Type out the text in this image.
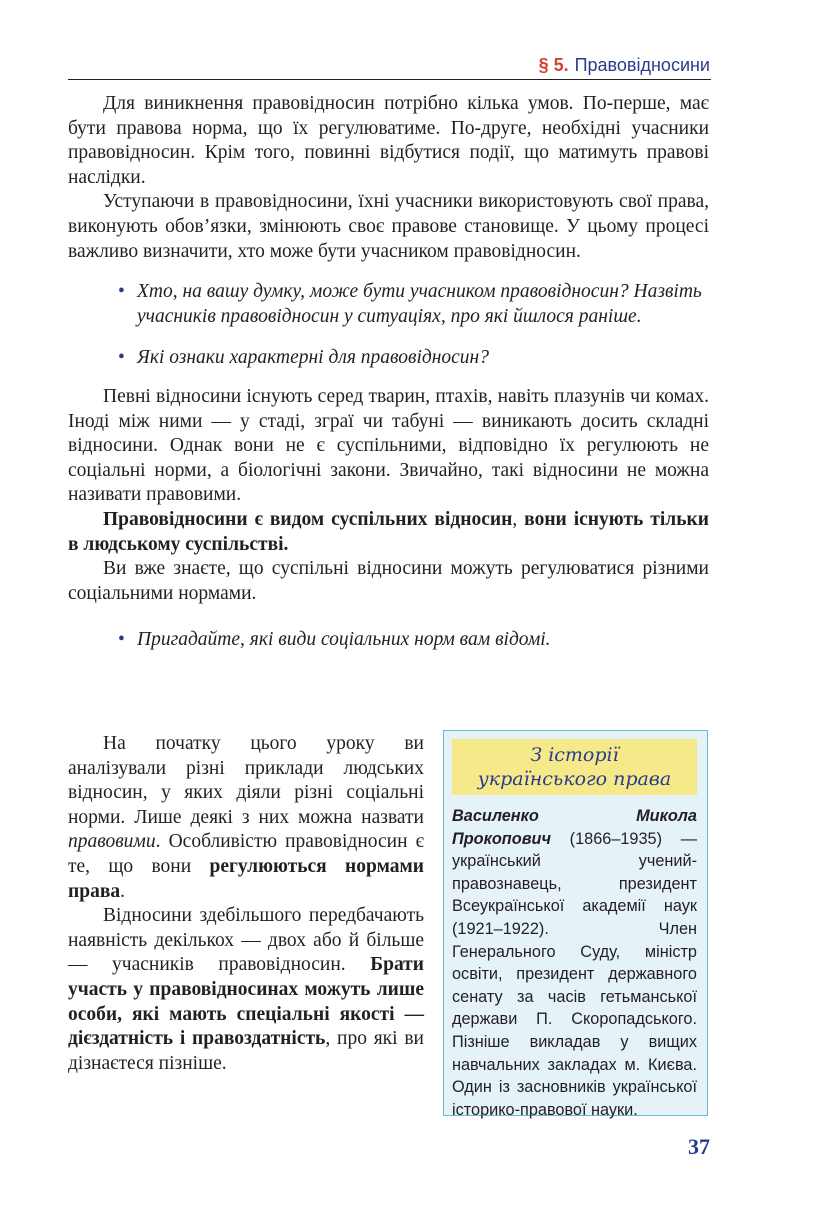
§ 5. Правовідносини

Для виникнення правовідносин потрібно кілька умов. По-перше, має бути правова норма, що їх регулюватиме. По-друге, необхідні учасники правовідносин. Крім того, повинні відбутися події, що матимуть правові наслідки.

Уступаючи в правовідносини, їхні учасники використовують свої права, виконують обов’язки, змінюють своє правове становище. У цьому процесі важливо визначити, хто може бути учасником правовідносин.

• Хто, на вашу думку, може бути учасником правовідносин? Назвіть учасників правовідносин у ситуаціях, про які йшлося раніше.
• Які ознаки характерні для правовідносин?

Певні відносини існують серед тварин, птахів, навіть плазунів чи комах. Іноді між ними — у стаді, зграї чи табуні — виникають досить складні відносини. Однак вони не є суспільними, відповідно їх регулюють не соціальні норми, а біологічні закони. Звичайно, такі відносини не можна називати правовими.

Правовідносини є видом суспільних відносин, вони існують тільки в людському суспільстві.

Ви вже знаєте, що суспільні відносини можуть регулюватися різними соціальними нормами.

• Пригадайте, які види соціальних норм вам відомі.

На початку цього уроку ви аналізували різні приклади людських відносин, у яких діяли різні соціальні норми. Лише деякі з них можна назвати правовими. Особливістю правовідносин є те, що вони регулюються нормами права.

Відносини здебільшого передбачають наявність декількох — двох або й більше — учасників правовідносин. Брати участь у правовідносинах можуть лише особи, які мають спеціальні якості — дієздатність і правоздатність, про які ви дізнаєтеся пізніше.

З історії
українського права
Василенко Микола Прокопович (1866–1935) — український учений-правознавець, президент Всеукраїнської академії наук (1921–1922). Член Генерального Суду, міністр освіти, президент державного сенату за часів гетьманської держави П. Скоропадського. Пізніше викладав у вищих навчальних закладах м. Києва. Один із засновників української історико-правової науки.
37
